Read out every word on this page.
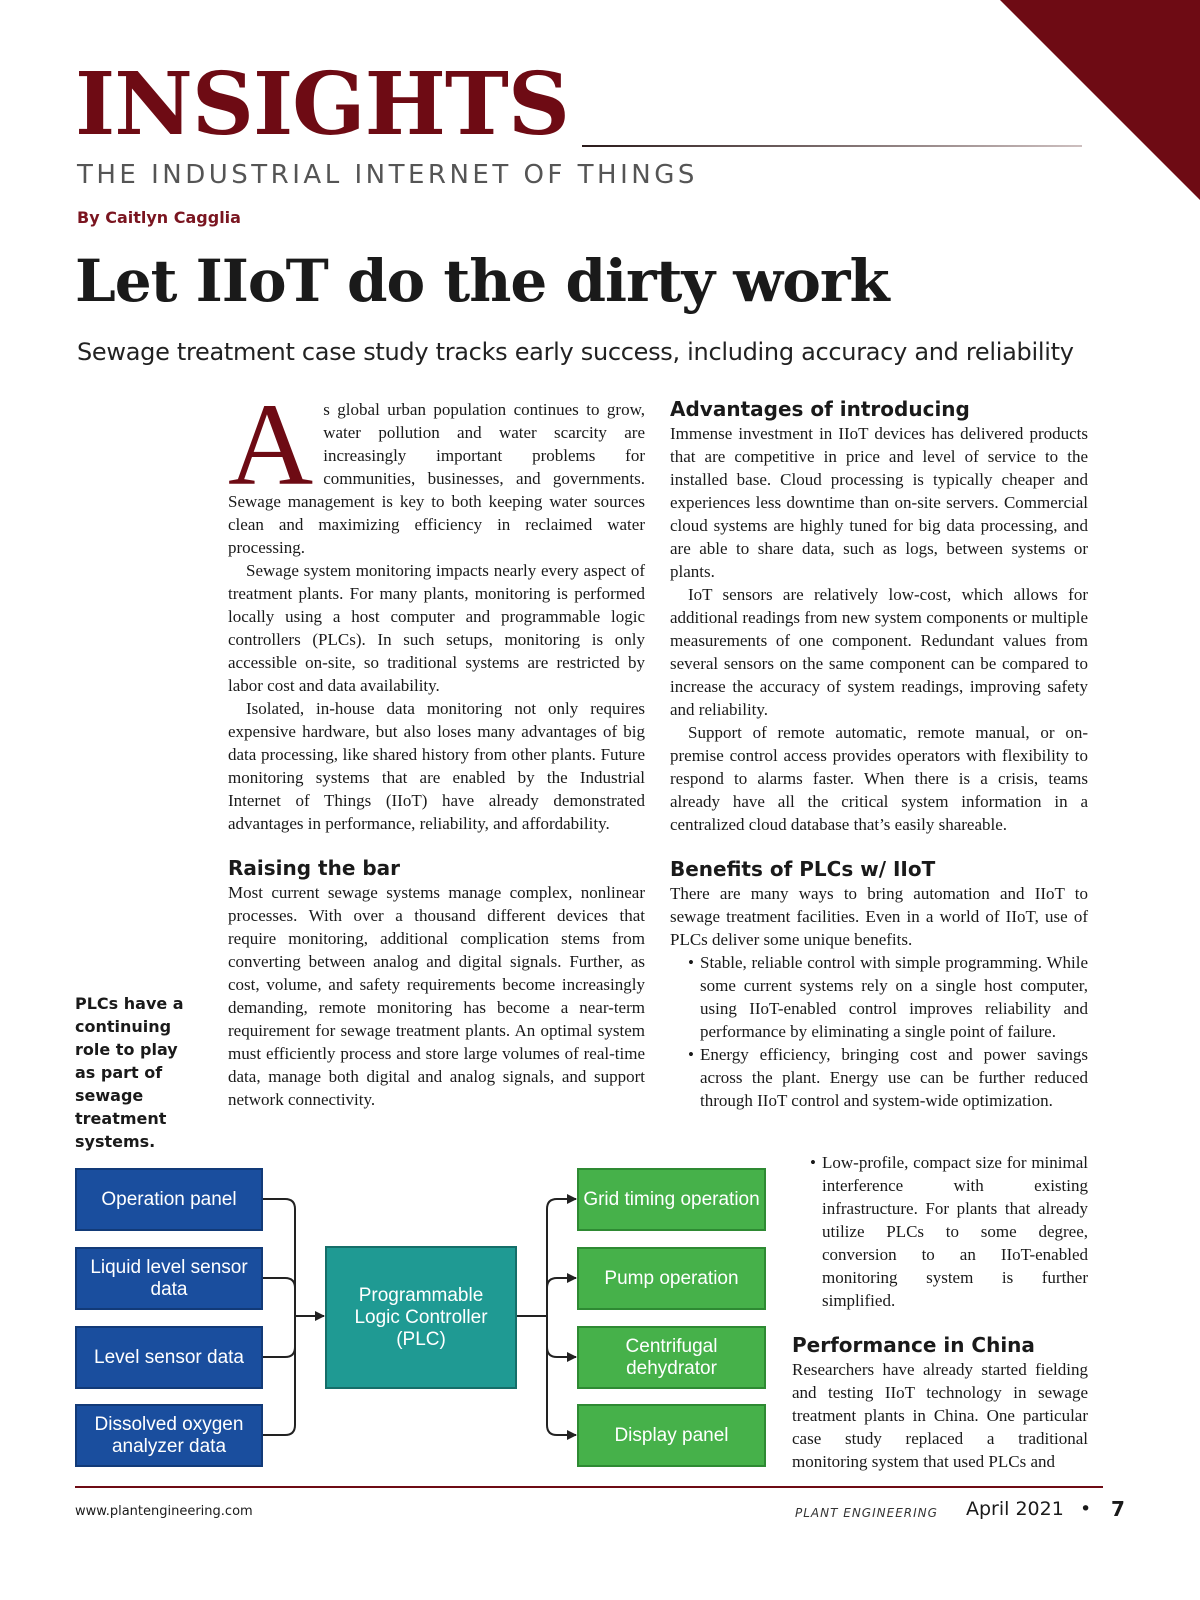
INSIGHTS
THE INDUSTRIAL INTERNET OF THINGS
By Caitlyn Cagglia
Let IIoT do the dirty work
Sewage treatment case study tracks early success, including accuracy and reliability

As global urban population continues to grow, water pollution and water scarcity are increasingly important problems for communities, businesses, and governments. Sewage management is key to both keeping water sources clean and maximizing efficiency in reclaimed water processing.

Sewage system monitoring impacts nearly every aspect of treatment plants. For many plants, monitoring is performed locally using a host computer and programmable logic controllers (PLCs). In such setups, monitoring is only accessible on-site, so traditional systems are restricted by labor cost and data availability.

Isolated, in-house data monitoring not only requires expensive hardware, but also loses many advantages of big data processing, like shared history from other plants. Future monitoring systems that are enabled by the Industrial Internet of Things (IIoT) have already demonstrated advantages in performance, reliability, and affordability.

Raising the bar

Most current sewage systems manage complex, nonlinear processes. With over a thousand different devices that require monitoring, additional complication stems from converting between analog and digital signals. Further, as cost, volume, and safety requirements become increasingly demanding, remote monitoring has become a near-term requirement for sewage treatment plants. An optimal system must efficiently process and store large volumes of real-time data, manage both digital and analog signals, and support network connectivity.

Advantages of introducing

Immense investment in IIoT devices has delivered products that are competitive in price and level of service to the installed base. Cloud processing is typically cheaper and experiences less downtime than on-site servers. Commercial cloud systems are highly tuned for big data processing, and are able to share data, such as logs, between systems or plants.

IoT sensors are relatively low-cost, which allows for additional readings from new system components or multiple measurements of one component. Redundant values from several sensors on the same component can be compared to increase the accuracy of system readings, improving safety and reliability.

Support of remote automatic, remote manual, or on-premise control access provides operators with flexibility to respond to alarms faster. When there is a crisis, teams already have all the critical system information in a centralized cloud database that’s easily shareable.

Benefits of PLCs w/ IIoT

There are many ways to bring automation and IIoT to sewage treatment facilities. Even in a world of IIoT, use of PLCs deliver some unique benefits.

• Stable, reliable control with simple programming. While some current systems rely on a single host computer, using IIoT-enabled control improves reliability and performance by eliminating a single point of failure.
• Energy efficiency, bringing cost and power savings across the plant. Energy use can be further reduced through IIoT control and system-wide optimization.
• Low-profile, compact size for minimal interference with existing infrastructure. For plants that already utilize PLCs to some degree, conversion to an IIoT-enabled monitoring system is further simplified.
Performance in China

Researchers have already started fielding and testing IIoT technology in sewage treatment plants in China. One particular case study replaced a traditional monitoring system that used PLCs and

PLCs have a continuing role to play as part of sewage treatment systems.
Operation panel
Liquid level sensor data
Level sensor data
Dissolved oxygen analyzer data
Programmable Logic Controller (PLC)
Grid timing operation
Pump operation
Centrifugal dehydrator
Display panel
www.plantengineering.com	PLANT ENGINEERING April 2021 • 7
